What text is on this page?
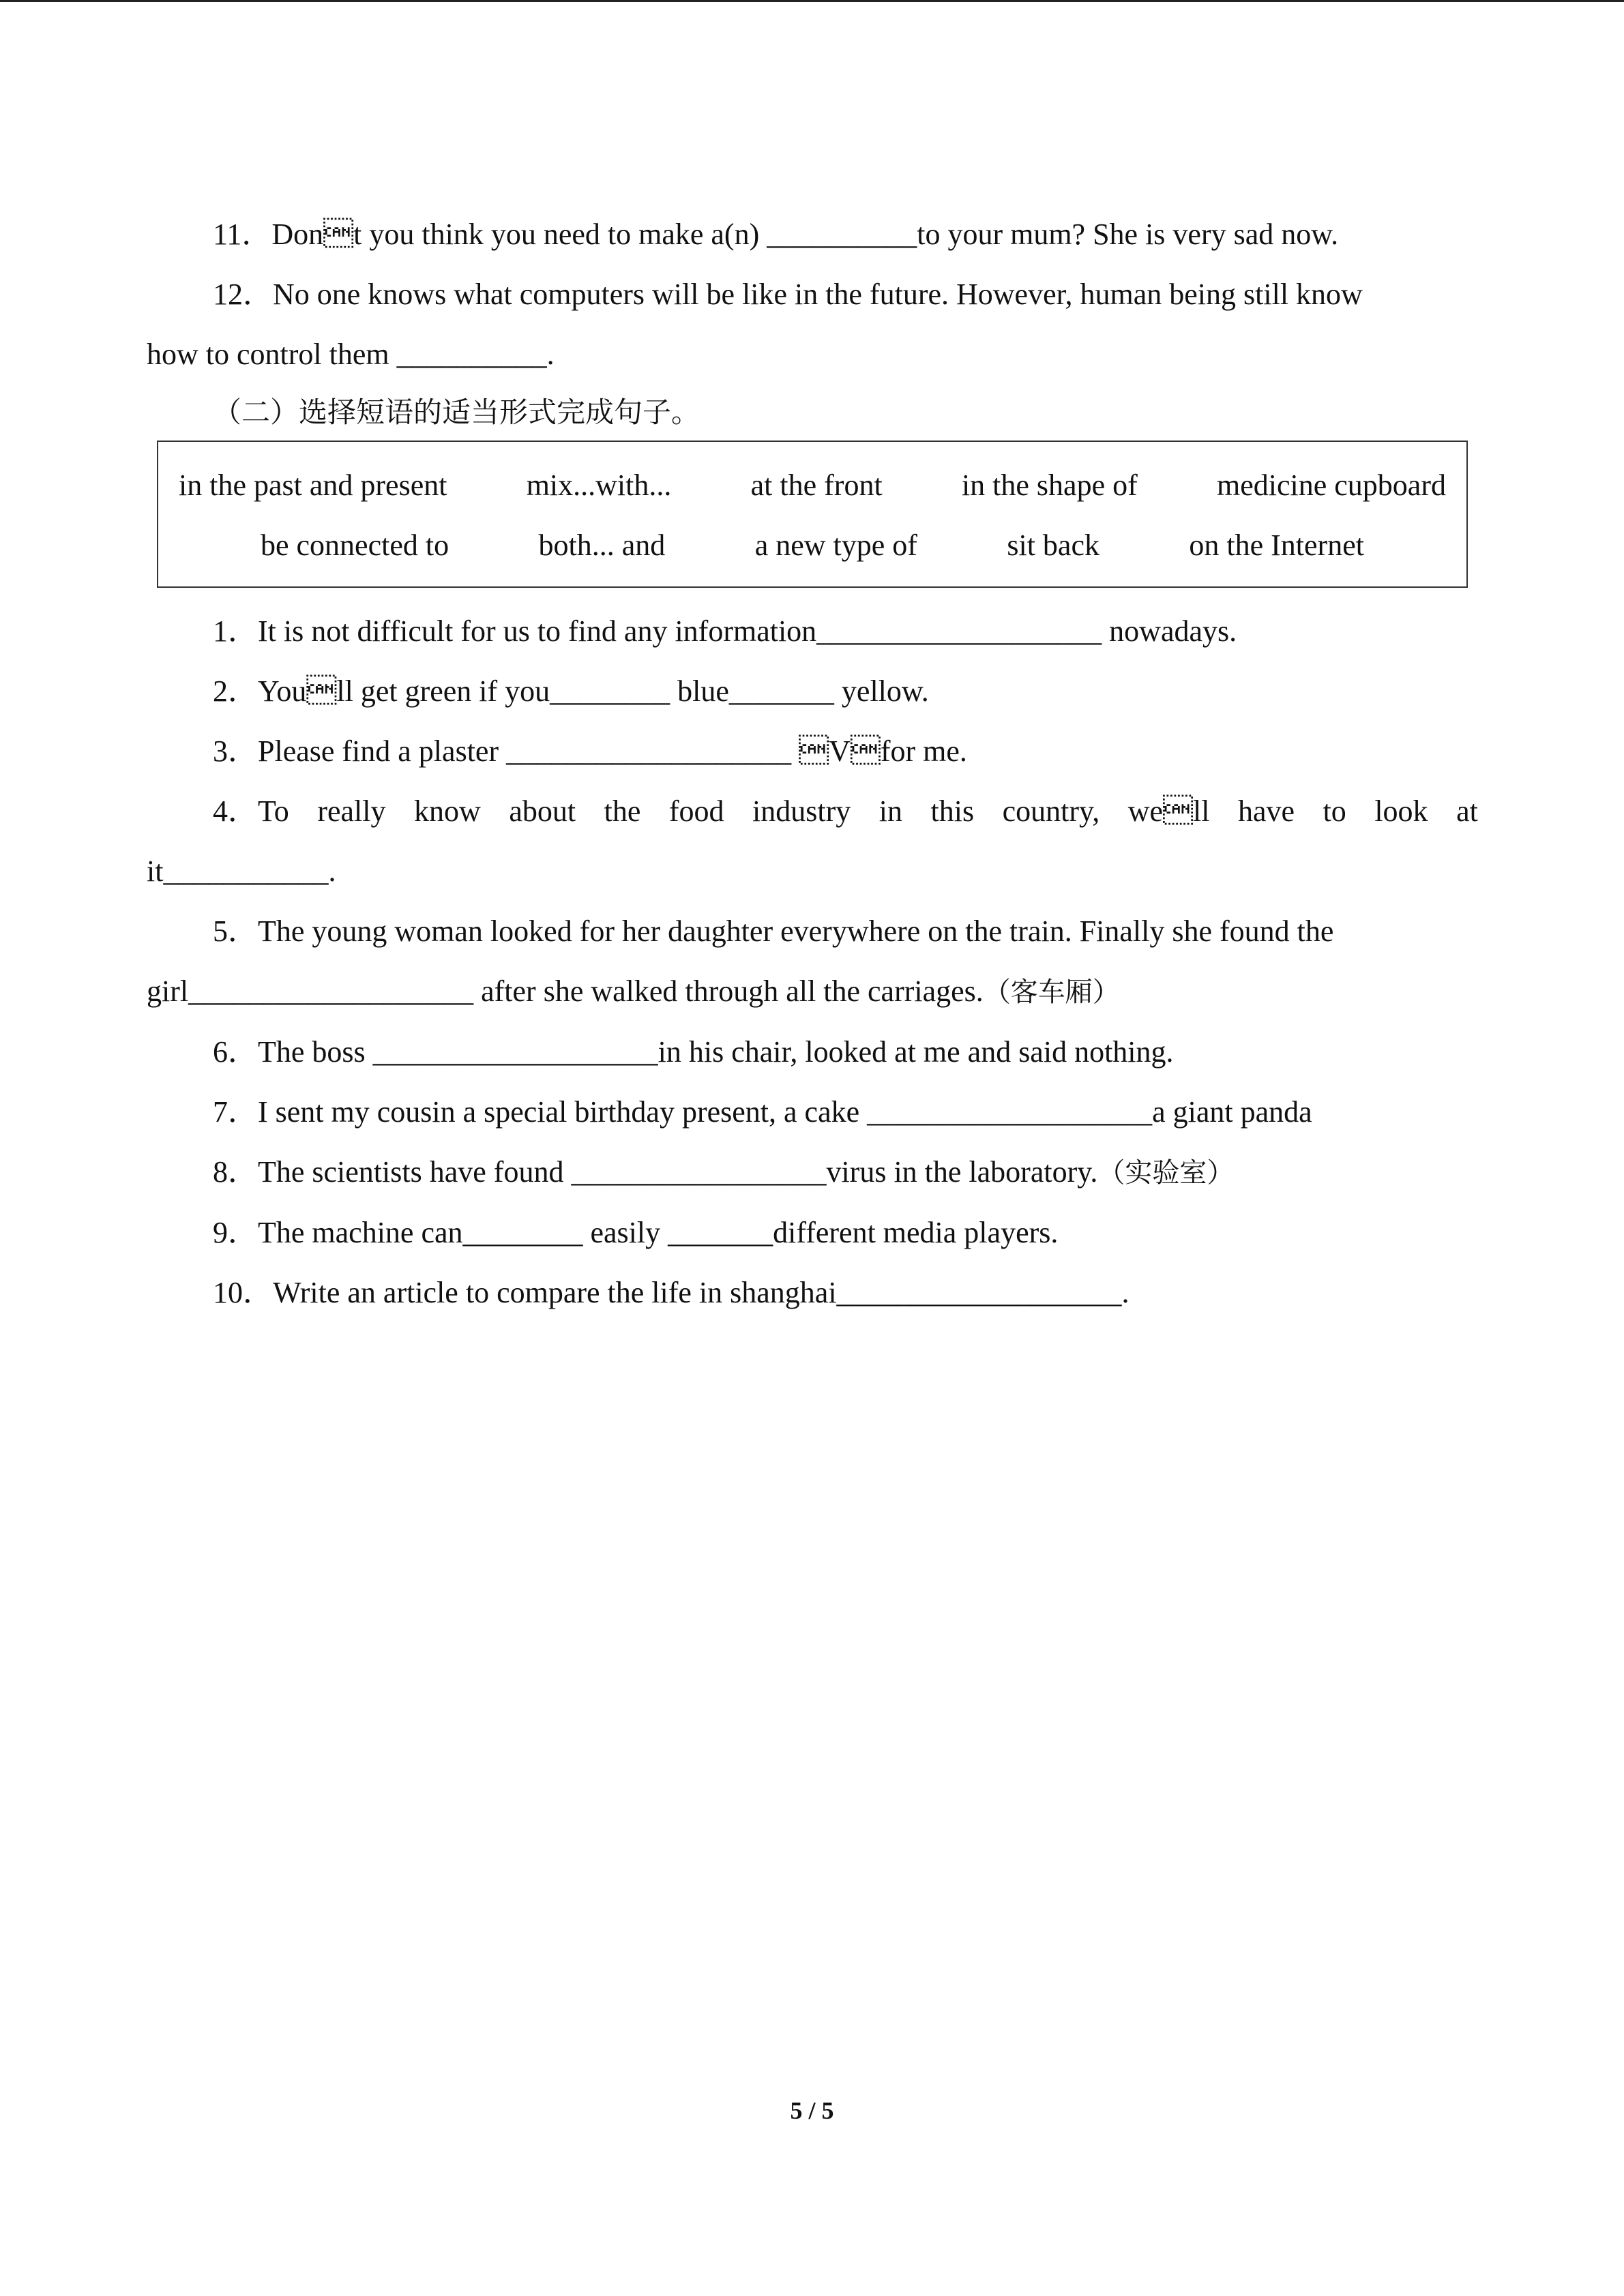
11．Dont you think you need to make a(n) __________to your mum? She is very sad now.
12．No one knows what computers will be like in the future. However, human being still know
how to control them __________.
（二）选择短语的适当形式完成句子。
in the past and present	mix...with...	at the front	in the shape of	medicine cupboard
be connected to	both... and	a new type of	sit back	on the Internet
1．It is not difficult for us to find any information___________________ nowadays.
2．Youll get green if you________ blue_______ yellow.
3．Please find a plaster ___________________ Vfor me.
4．To really know about the food industry in this country, well have to look at
it___________.
5．The young woman looked for her daughter everywhere on the train. Finally she found the
girl___________________ after she walked through all the carriages.（客车厢）
6．The boss ___________________in his chair, looked at me and said nothing.
7．I sent my cousin a special birthday present, a cake ___________________a giant panda
8．The scientists have found _________________virus in the laboratory.（实验室）
9．The machine can________ easily _______different media players.
10．Write an article to compare the life in shanghai___________________.
5 / 5
